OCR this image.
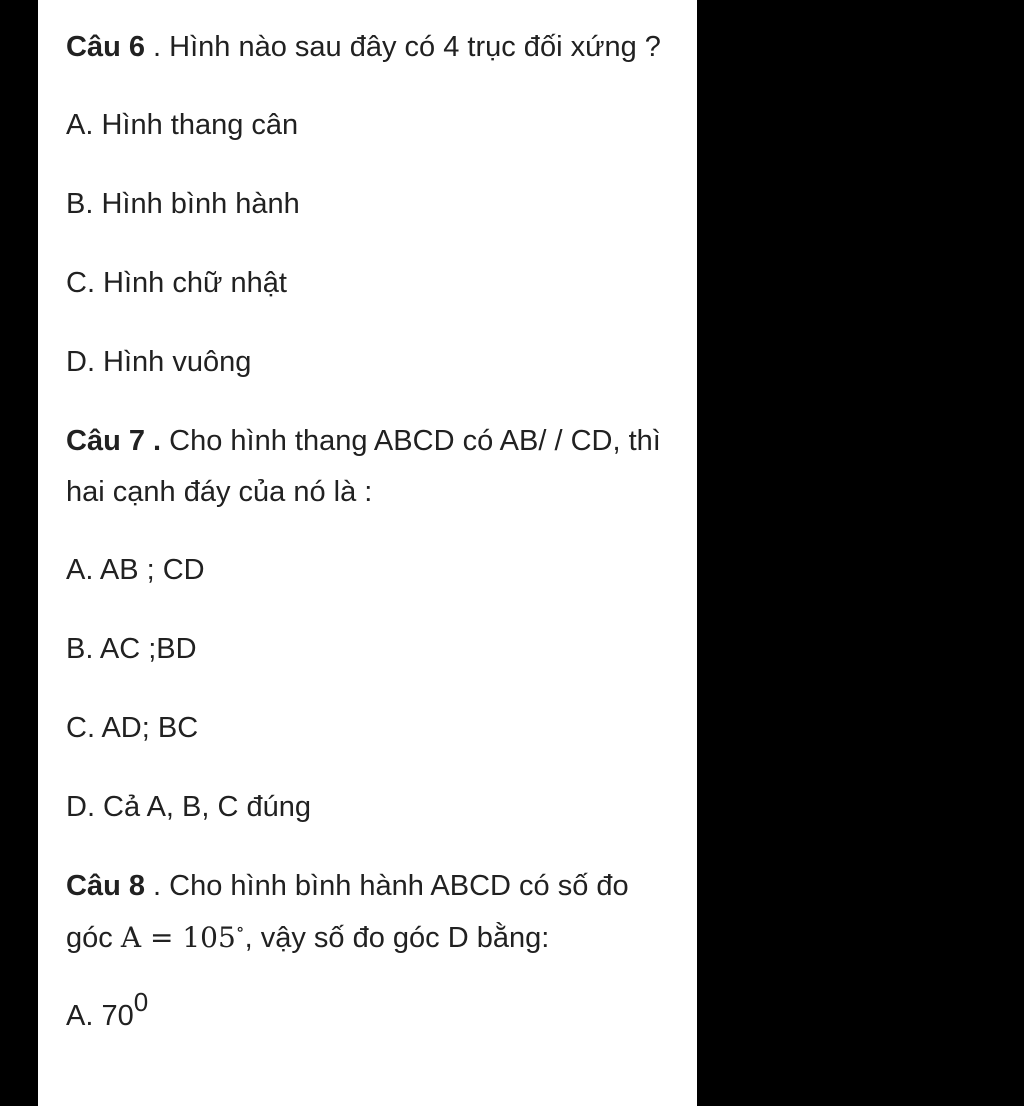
Câu 6 . Hình nào sau đây có 4 trục đối xứng ?
A. Hình thang cân
B. Hình bình hành
C. Hình chữ nhật
D. Hình vuông
Câu 7 . Cho hình thang ABCD có AB/ / CD, thì hai cạnh đáy của nó là :
A. AB ; CD
B. AC ;BD
C. AD; BC
D. Cả A, B, C đúng
Câu 8 . Cho hình bình hành ABCD có số đo góc A = 105∘, vậy số đo góc D bằng:
A. $70^0$
